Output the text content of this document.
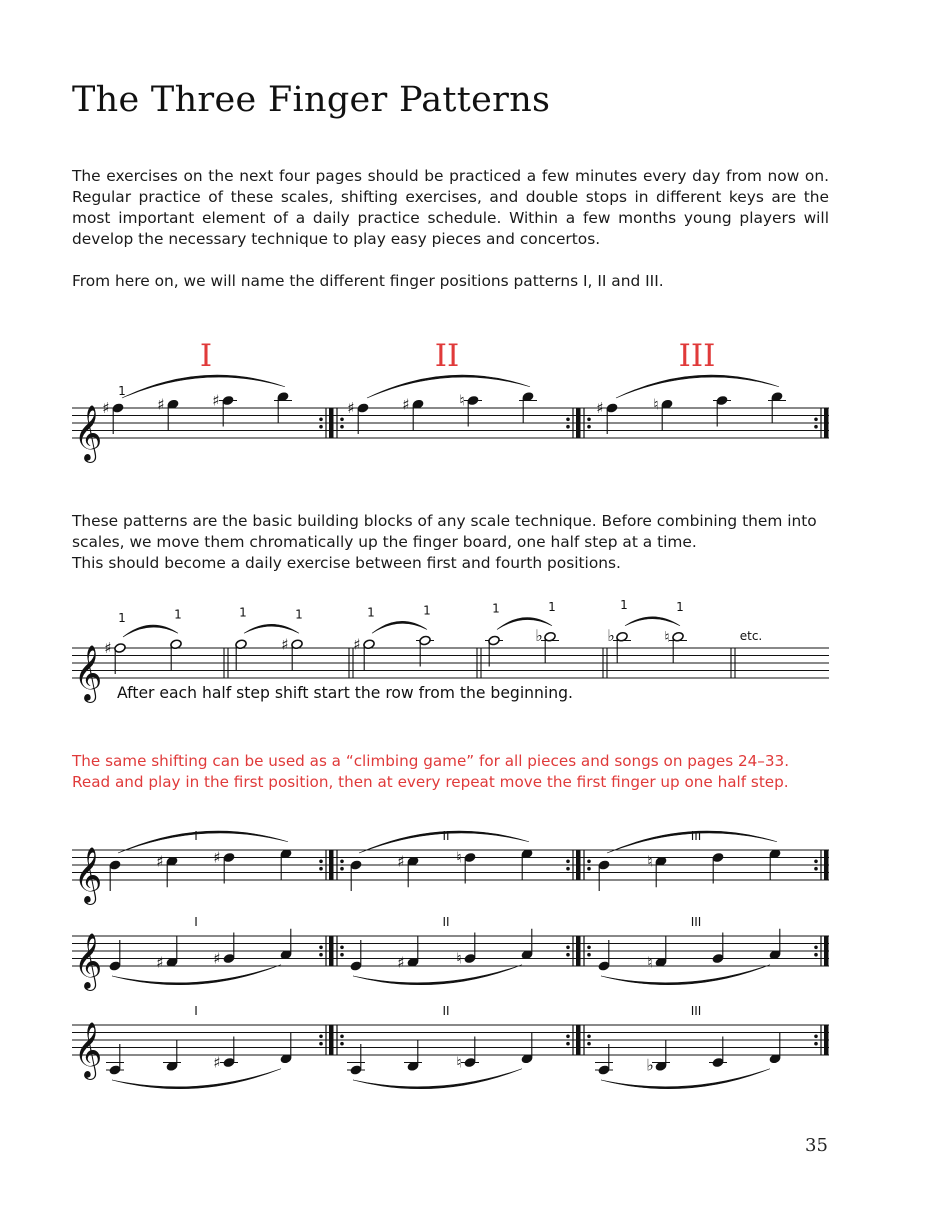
The Three Finger Patterns

The exercises on the next four pages should be practiced a few minutes every day from now on. Regular practice of these scales, shifting exercises, and double stops in different keys are the most important element of a daily practice schedule. Within a few months young players will develop the necessary technique to play easy pieces and concertos.

From here on, we will name the different finger positions patterns I, II and III.

I	II	III
𝄞 ♯	♯	♯	♯	♯	♮	♯	♮
1
𝄞 ♯
1	1
♯
1	1
♯
1	1
♭
1	1
♭	♮
1	1
etc.
𝄞	♯	♯
I
♯	♮
II
♮
III
𝄞	♯	♯
I
♯	♮
II
♮
III
𝄞	♯
I
♮
II
♭
III

These patterns are the basic building blocks of any scale technique. Before combining them into scales, we move them chromatically up the finger board, one half step at a time.
This should become a daily exercise between first and fourth positions.

After each half step shift start the row from the beginning.

The same shifting can be used as a “climbing game” for all pieces and songs on pages 24–33.
Read and play in the first position, then at every repeat move the first finger up one half step.

35
